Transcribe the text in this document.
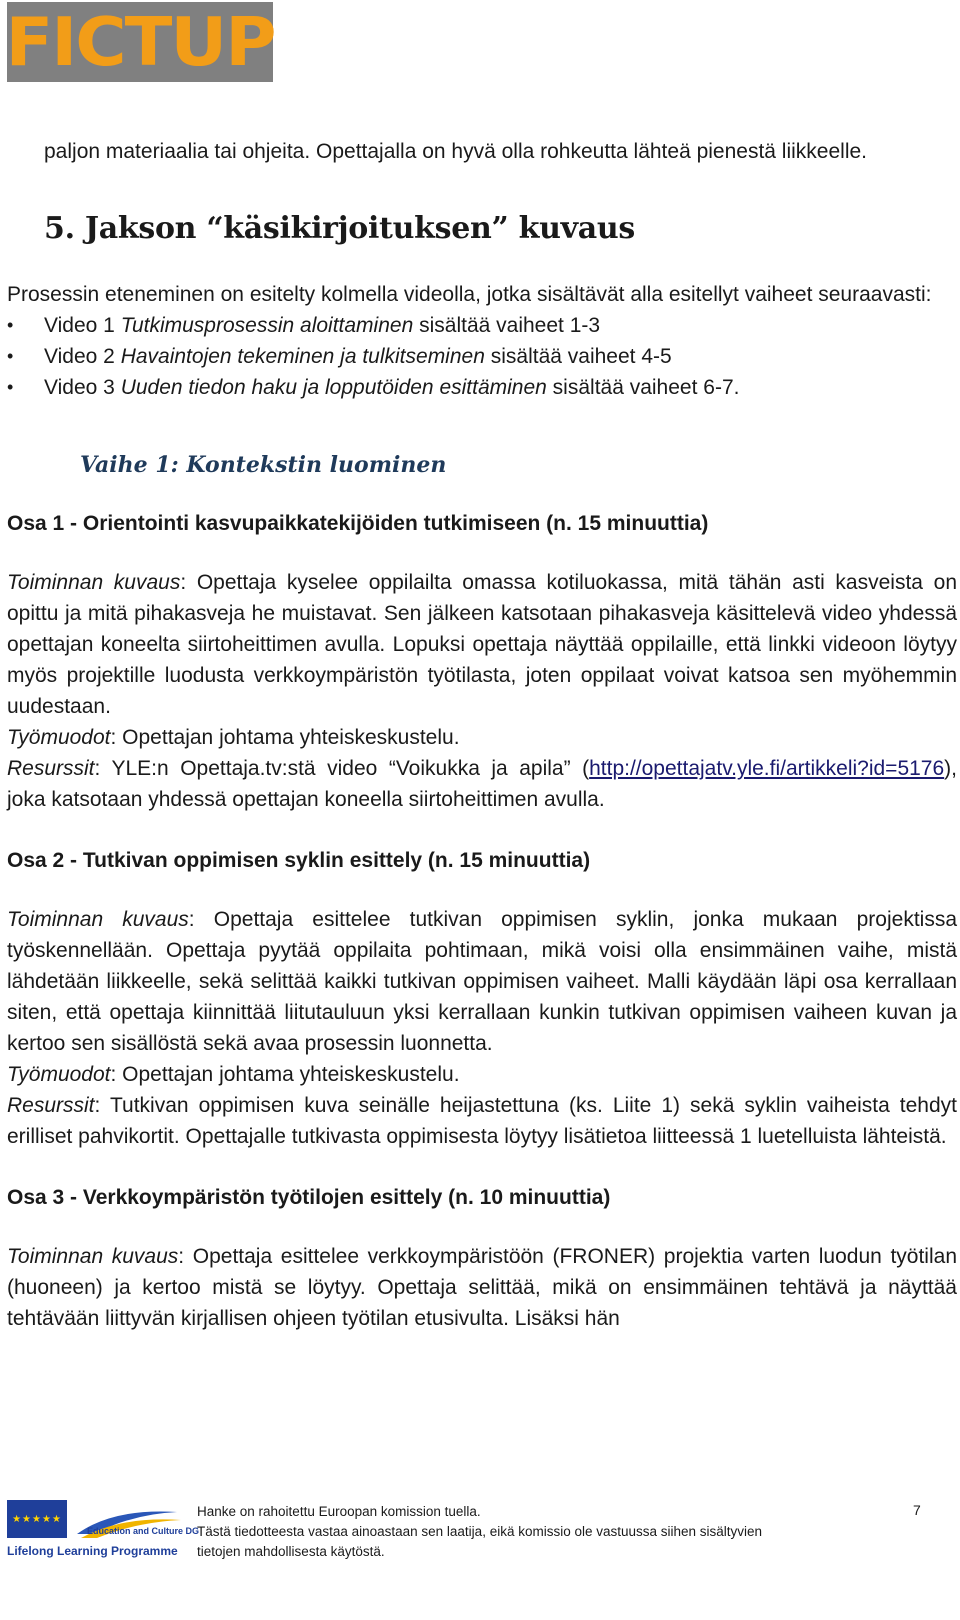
FICTUP

paljon materiaalia tai ohjeita. Opettajalla on hyvä olla rohkeutta lähteä pienestä liikkeelle.

5. Jakson “käsikirjoituksen” kuvaus

Prosessin eteneminen on esitelty kolmella videolla, jotka sisältävät alla esitellyt vaiheet seuraavasti:

• Video 1 Tutkimusprosessin aloittaminen sisältää vaiheet 1-3
• Video 2 Havaintojen tekeminen ja tulkitseminen sisältää vaiheet 4-5
• Video 3 Uuden tiedon haku ja lopputöiden esittäminen sisältää vaiheet 6-7.
Vaihe 1: Kontekstin luominen
Osa 1 - Orientointi kasvupaikkatekijöiden tutkimiseen (n. 15 minuuttia)

Toiminnan kuvaus: Opettaja kyselee oppilailta omassa kotiluokassa, mitä tähän asti kasveista on opittu ja mitä pihakasveja he muistavat. Sen jälkeen katsotaan pihakasveja käsittelevä video yhdessä opettajan koneelta siirtoheittimen avulla. Lopuksi opettaja näyttää oppilaille, että linkki videoon löytyy myös projektille luodusta verkkoympäristön työtilasta, joten oppilaat voivat katsoa sen myöhemmin uudestaan.

Työmuodot: Opettajan johtama yhteiskeskustelu.

Resurssit: YLE:n Opettaja.tv:stä video “Voikukka ja apila” (http://opettajatv.yle.fi/artikkeli?id=5176), joka katsotaan yhdessä opettajan koneella siirtoheittimen avulla.

Osa 2 - Tutkivan oppimisen syklin esittely (n. 15 minuuttia)

Toiminnan kuvaus: Opettaja esittelee tutkivan oppimisen syklin, jonka mukaan projektissa työskennellään. Opettaja pyytää oppilaita pohtimaan, mikä voisi olla ensimmäinen vaihe, mistä lähdetään liikkeelle, sekä selittää kaikki tutkivan oppimisen vaiheet. Malli käydään läpi osa kerrallaan siten, että opettaja kiinnittää liitutauluun yksi kerrallaan kunkin tutkivan oppimisen vaiheen kuvan ja kertoo sen sisällöstä sekä avaa prosessin luonnetta.

Työmuodot: Opettajan johtama yhteiskeskustelu.

Resurssit: Tutkivan oppimisen kuva seinälle heijastettuna (ks. Liite 1) sekä syklin vaiheista tehdyt erilliset pahvikortit. Opettajalle tutkivasta oppimisesta löytyy lisätietoa liitteessä 1 luetelluista lähteistä.

Osa 3 - Verkkoympäristön työtilojen esittely (n. 10 minuuttia)

Toiminnan kuvaus: Opettaja esittelee verkkoympäristöön (FRONER) projektia varten luodun työtilan (huoneen) ja kertoo mistä se löytyy. Opettaja selittää, mikä on ensimmäinen tehtävä ja näyttää tehtävään liittyvän kirjallisen ohjeen työtilan etusivulta. Lisäksi hän

★★★★★
Education and Culture DG
Lifelong Learning Programme
Hanke on rahoitettu Euroopan komission tuella.
Tästä tiedotteesta vastaa ainoastaan sen laatija, eikä komissio ole vastuussa siihen sisältyvien
tietojen mahdollisesta käytöstä.
7
